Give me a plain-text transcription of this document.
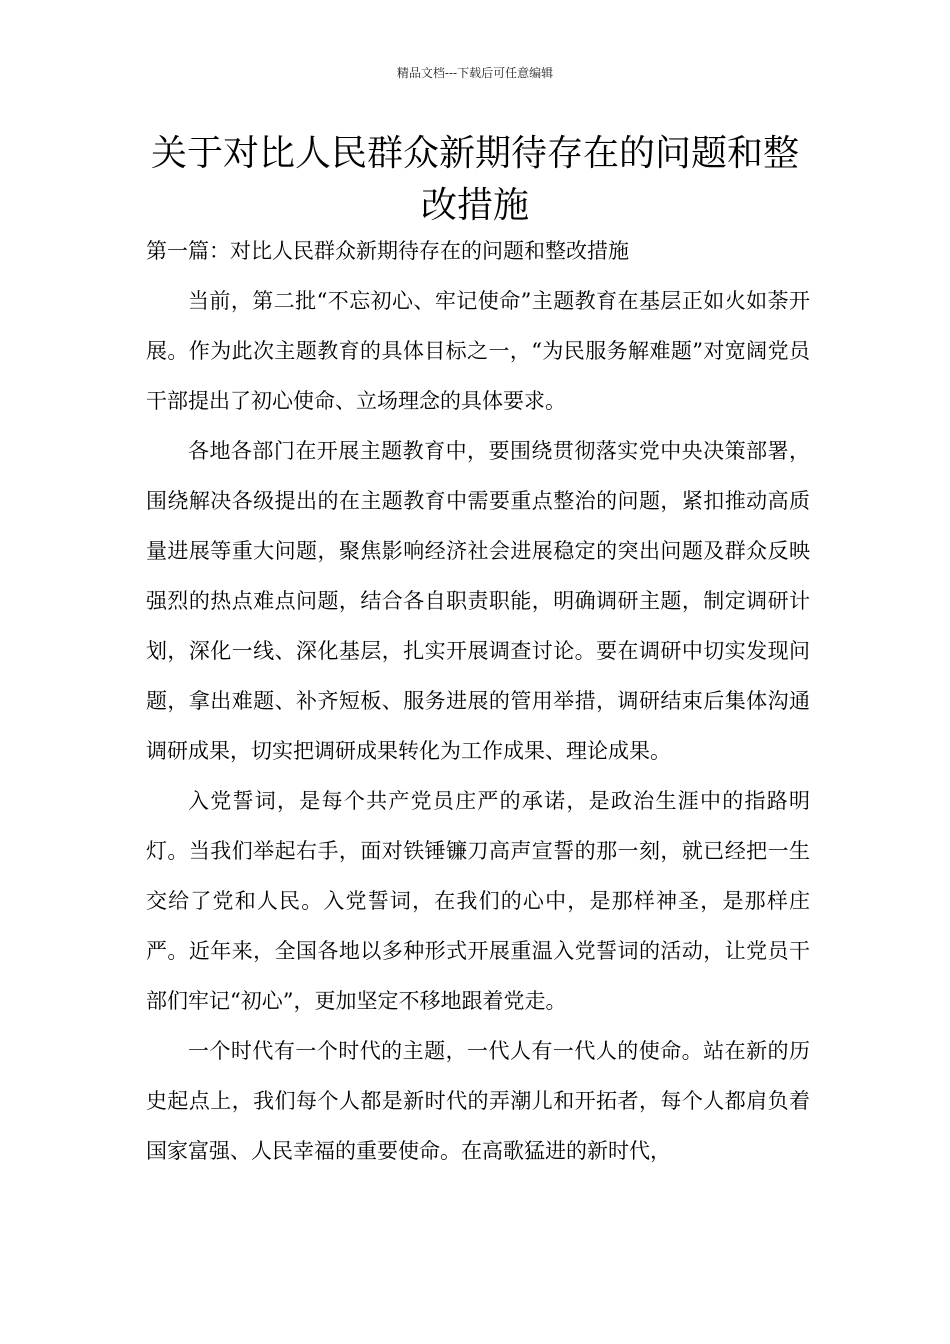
精品文档---下载后可任意编辑
关于对比人民群众新期待存在的问题和整改措施

第一篇：对比人民群众新期待存在的问题和整改措施

当前，第二批“不忘初心、牢记使命”主题教育在基层正如火如荼开展。作为此次主题教育的具体目标之一，“为民服务解难题”对宽阔党员干部提出了初心使命、立场理念的具体要求。

各地各部门在开展主题教育中，要围绕贯彻落实党中央决策部署，围绕解决各级提出的在主题教育中需要重点整治的问题，紧扣推动高质量进展等重大问题，聚焦影响经济社会进展稳定的突出问题及群众反映强烈的热点难点问题，结合各自职责职能，明确调研主题，制定调研计划，深化一线、深化基层，扎实开展调查讨论。要在调研中切实发现问题，拿出难题、补齐短板、服务进展的管用举措，调研结束后集体沟通调研成果，切实把调研成果转化为工作成果、理论成果。

入党誓词，是每个共产党员庄严的承诺，是政治生涯中的指路明灯。当我们举起右手，面对铁锤镰刀高声宣誓的那一刻，就已经把一生交给了党和人民。入党誓词，在我们的心中，是那样神圣，是那样庄严。近年来，全国各地以多种形式开展重温入党誓词的活动，让党员干部们牢记“初心”，更加坚定不移地跟着党走。

一个时代有一个时代的主题，一代人有一代人的使命。站在新的历史起点上，我们每个人都是新时代的弄潮儿和开拓者，每个人都肩负着国家富强、人民幸福的重要使命。在高歌猛进的新时代，
